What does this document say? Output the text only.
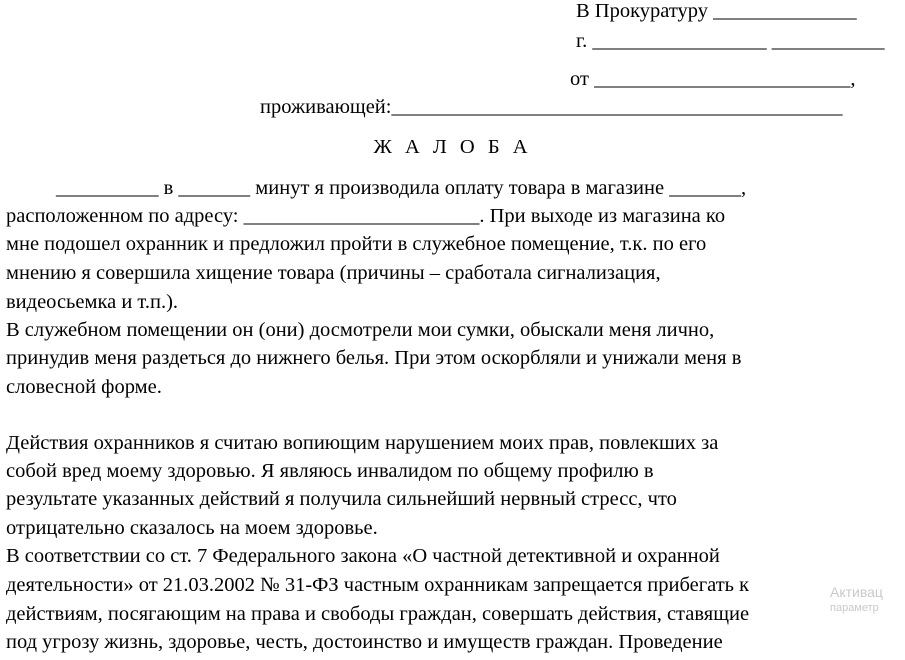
В Прокуратуру ______________
г. _________________ ___________
от _________________________,
проживающей:____________________________________________
Ж А Л О Б А
__________ в _______ минут я производила оплату товара в магазине _______,
расположенном по адресу: _______________________. При выходе из магазина ко
мне подошел охранник и предложил пройти в служебное помещение, т.к. по его
мнению я совершила хищение товара (причины – сработала сигнализация,
видеосьемка и т.п.).
В служебном помещении он (они) досмотрели мои сумки, обыскали меня лично,
принудив меня раздеться до нижнего белья. При этом оскорбляли и унижали меня в
словесной форме.
Действия охранников я считаю вопиющим нарушением моих прав, повлекших за
собой вред моему здоровью. Я являюсь инвалидом по общему профилю в
результате указанных действий я получила сильнейший нервный стресс, что
отрицательно сказалось на моем здоровье.
В соответствии со ст. 7 Федерального закона «О частной детективной и охранной
деятельности» от 21.03.2002 № 31-ФЗ частным охранникам запрещается прибегать к
действиям, посягающим на права и свободы граждан, совершать действия, ставящие
под угрозу жизнь, здоровье, честь, достоинство и имуществ граждан. Проведение
Активац
параметр
